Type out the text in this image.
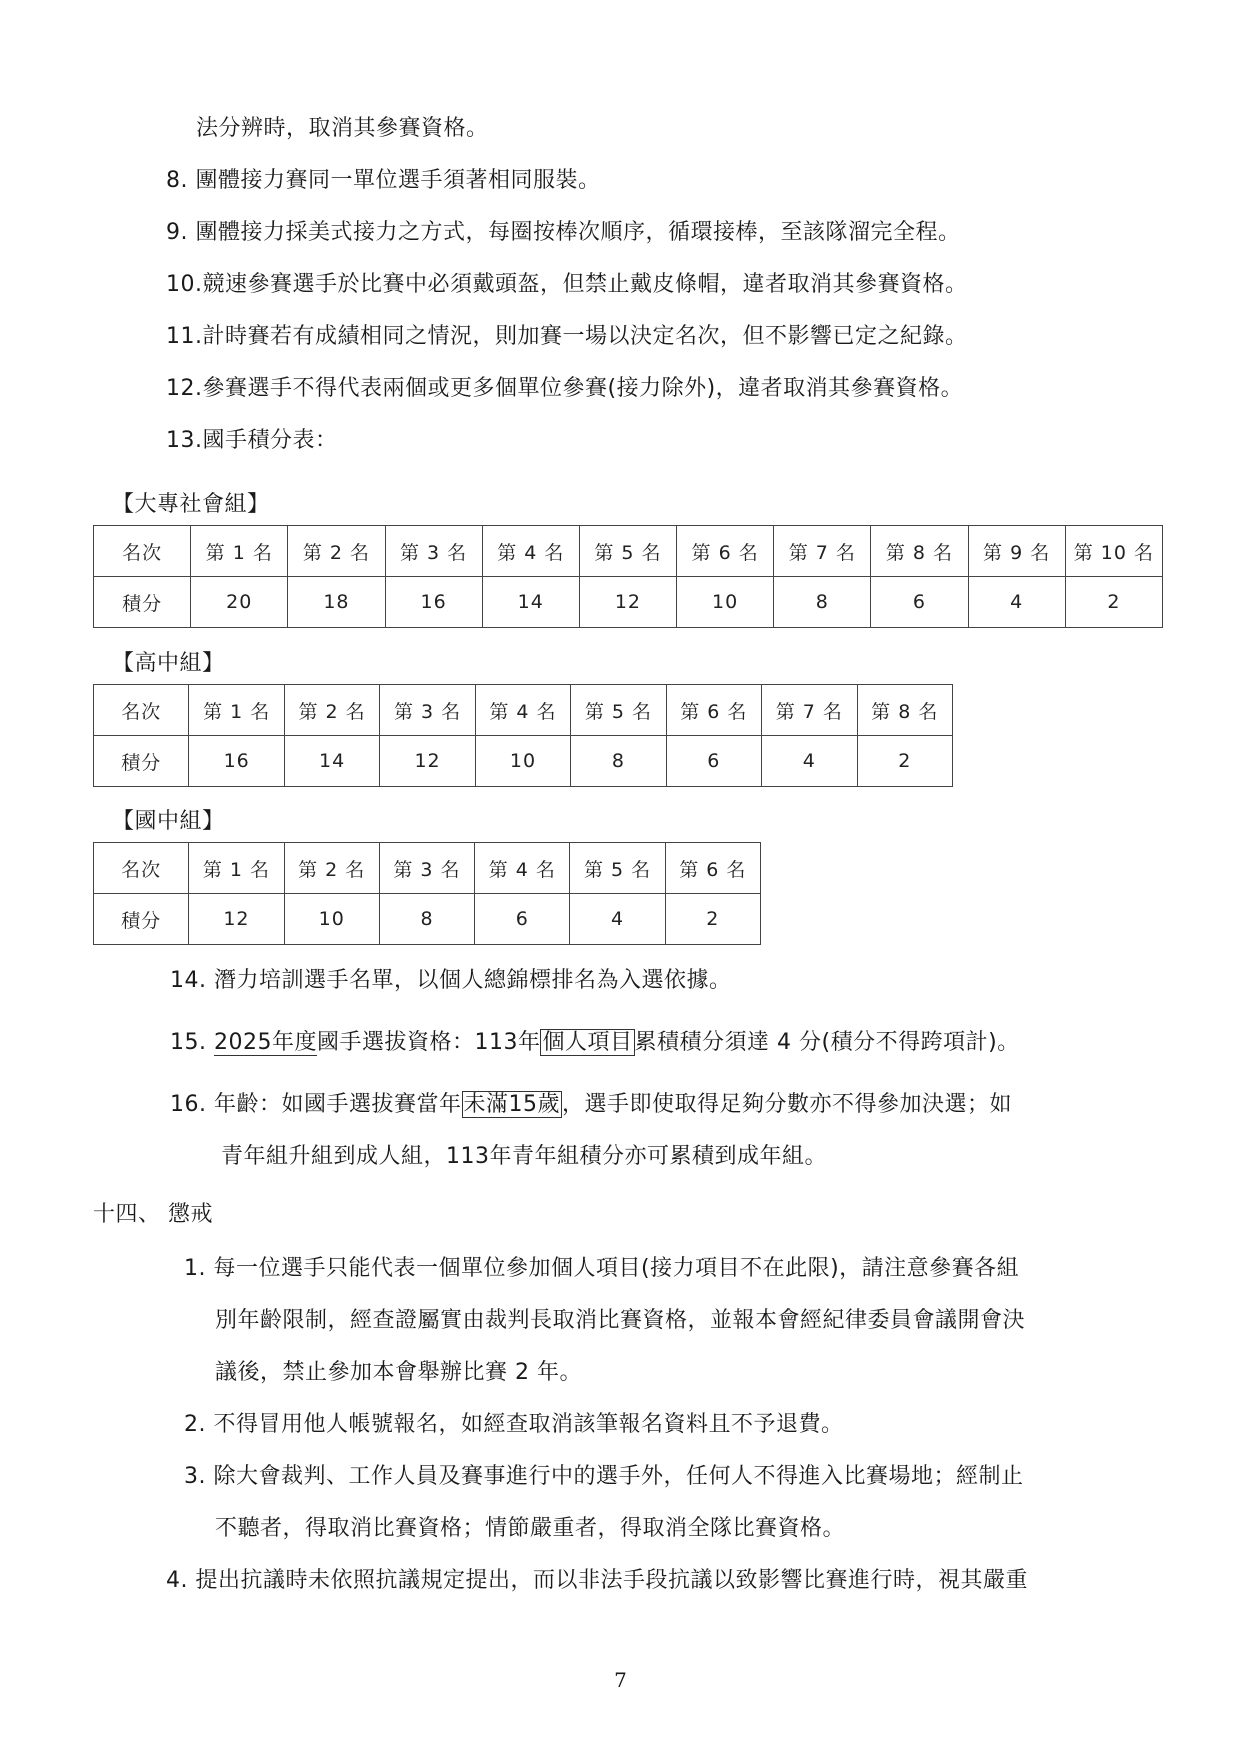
法分辨時，取消其參賽資格。
8. 團體接力賽同一單位選手須著相同服裝。
9. 團體接力採美式接力之方式，每圈按棒次順序，循環接棒，至該隊溜完全程。
10.競速參賽選手於比賽中必須戴頭盔，但禁止戴皮條帽，違者取消其參賽資格。
11.計時賽若有成績相同之情況，則加賽一場以決定名次，但不影響已定之紀錄。
12.參賽選手不得代表兩個或更多個單位參賽(接力除外)，違者取消其參賽資格。
13.國手積分表：
【大專社會組】
名次	第 1 名	第 2 名	第 3 名	第 4 名	第 5 名	第 6 名	第 7 名	第 8 名	第 9 名	第 10 名
積分	20	18	16	14	12	10	8	6	4	2
【高中組】
名次	第 1 名	第 2 名	第 3 名	第 4 名	第 5 名	第 6 名	第 7 名	第 8 名
積分	16	14	12	10	8	6	4	2
【國中組】
名次	第 1 名	第 2 名	第 3 名	第 4 名	第 5 名	第 6 名
積分	12	10	8	6	4	2
14. 潛力培訓選手名單，以個人總錦標排名為入選依據。
15. 2025年度國手選拔資格：113年個人項目累積積分須達 4 分(積分不得跨項計)。
16. 年齡：如國手選拔賽當年未滿15歲，選手即使取得足夠分數亦不得參加決選；如
青年組升組到成人組，113年青年組積分亦可累積到成年組。
十四、 懲戒
1. 每一位選手只能代表一個單位參加個人項目(接力項目不在此限)，請注意參賽各組
別年齡限制，經查證屬實由裁判長取消比賽資格，並報本會經紀律委員會議開會決
議後，禁止參加本會舉辦比賽 2 年。
2. 不得冒用他人帳號報名，如經查取消該筆報名資料且不予退費。
3. 除大會裁判、工作人員及賽事進行中的選手外，任何人不得進入比賽場地；經制止
不聽者，得取消比賽資格；情節嚴重者，得取消全隊比賽資格。
4. 提出抗議時未依照抗議規定提出，而以非法手段抗議以致影響比賽進行時，視其嚴重
7
